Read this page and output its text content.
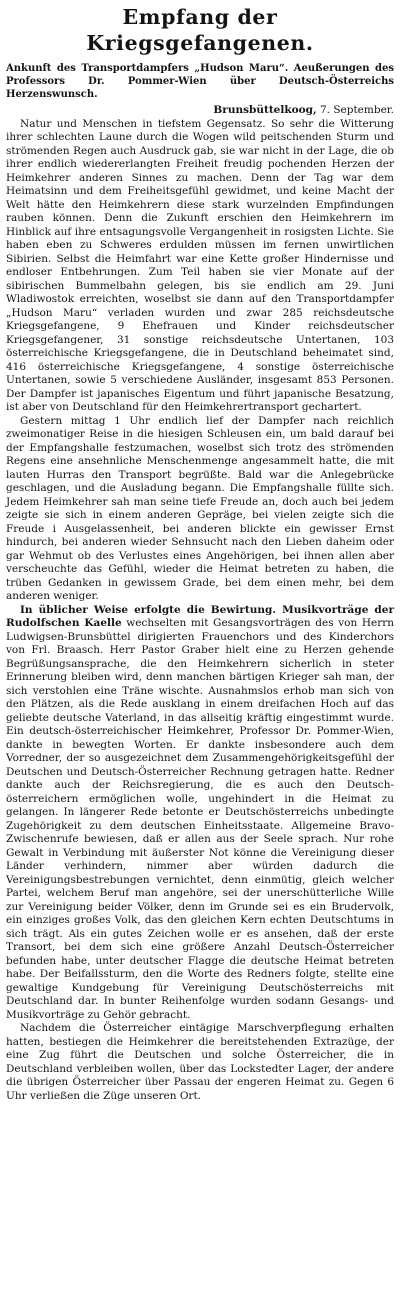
Empfang der Kriegsgefangenen.

Ankunft des Transportdampfers „Hudson Maru“. Aeußerungen des Professors Dr. Pommer-Wien über Deutsch-Österreichs Herzenswunsch.

Brunsbüttelkoog, 7. September.

Natur und Menschen in tiefstem Gegensatz. So sehr die Witterung ihrer schlechten Laune durch die Wogen wild peitschenden Sturm und strömenden Regen auch Ausdruck gab, sie war nicht in der Lage, die ob ihrer endlich wiedererlangten Freiheit freudig pochenden Herzen der Heimkehrer anderen Sinnes zu machen. Denn der Tag war dem Heimatsinn und dem Freiheitsgefühl gewidmet, und keine Macht der Welt hätte den Heimkehrern diese stark wurzelnden Empfindungen rauben können. Denn die Zukunft erschien den Heimkehrern im Hinblick auf ihre entsagungsvolle Vergangenheit in rosigsten Lichte. Sie haben eben zu Schweres erdulden müssen im fernen unwirtlichen Sibirien. Selbst die Heimfahrt war eine Kette großer Hindernisse und endloser Entbehrungen. Zum Teil haben sie vier Monate auf der sibirischen Bummelbahn gelegen, bis sie endlich am 29. Juni Wladiwostok erreichten, woselbst sie dann auf den Transportdampfer „Hudson Maru“ verladen wurden und zwar 285 reichsdeutsche Kriegsgefangene, 9 Ehefrauen und Kinder reichsdeutscher Kriegsgefangener, 31 sonstige reichsdeutsche Untertanen, 103 österreichische Kriegsgefangene, die in Deutschland beheimatet sind, 416 österreichische Kriegsgefangene, 4 sonstige österreichische Untertanen, sowie 5 verschiedene Ausländer, insgesamt 853 Personen. Der Dampfer ist japanisches Eigentum und führt japanische Besatzung, ist aber von Deutschland für den Heimkehrertransport gechartert.

Gestern mittag 1 Uhr endlich lief der Dampfer nach reichlich zweimonatiger Reise in die hiesigen Schleusen ein, um bald darauf bei der Empfangshalle festzumachen, woselbst sich trotz des strömenden Regens eine ansehnliche Menschenmenge angesammelt hatte, die mit lauten Hurras den Transport begrüßte. Bald war die Anlegebrücke geschlagen, und die Ausladung begann. Die Empfangshalle füllte sich. Jedem Heimkehrer sah man seine tiefe Freude an, doch auch bei jedem zeigte sie sich in einem anderen Gepräge, bei vielen zeigte sich die Freude i Ausgelassenheit, bei anderen blickte ein gewisser Ernst hindurch, bei anderen wieder Sehnsucht nach den Lieben daheim oder gar Wehmut ob des Verlustes eines Angehörigen, bei ihnen allen aber verscheuchte das Gefühl, wieder die Heimat betreten zu haben, die trüben Gedanken in gewissem Grade, bei dem einen mehr, bei dem anderen weniger.

In üblicher Weise erfolgte die Bewirtung. Musikvorträge der Rudolfschen Kaelle wechselten mit Gesangsvorträgen des von Herrn Ludwigsen-Brunsbüttel dirigierten Frauenchors und des Kinderchors von Frl. Braasch. Herr Pastor Graber hielt eine zu Herzen gehende Begrüßungsansprache, die den Heimkehrern sicherlich in steter Erinnerung bleiben wird, denn manchen bärtigen Krieger sah man, der sich verstohlen eine Träne wischte. Ausnahmslos erhob man sich von den Plätzen, als die Rede ausklang in einem dreifachen Hoch auf das geliebte deutsche Vaterland, in das allseitig kräftig eingestimmt wurde. Ein deutsch-österreichischer Heimkehrer, Professor Dr. Pommer-Wien, dankte in bewegten Worten. Er dankte insbesondere auch dem Vorredner, der so ausgezeichnet dem Zusammengehörigkeitsgefühl der Deutschen und Deutsch-Österreicher Rechnung getragen hatte. Redner dankte auch der Reichsregierung, die es auch den Deutsch-österreichern ermöglichen wolle, ungehindert in die Heimat zu gelangen. In längerer Rede betonte er Deutschösterreichs unbedingte Zugehörigkeit zu dem deutschen Einheitsstaate. Allgemeine Bravo-Zwischenrufe bewiesen, daß er allen aus der Seele sprach. Nur rohe Gewalt in Verbindung mit äußerster Not könne die Vereinigung dieser Länder verhindern, nimmer aber würden dadurch die Vereinigungsbestrebungen vernichtet, denn einmütig, gleich welcher Partei, welchem Beruf man angehöre, sei der unerschütterliche Wille zur Vereinigung beider Völker, denn im Grunde sei es ein Brudervolk, ein einziges großes Volk, das den gleichen Kern echten Deutschtums in sich trägt. Als ein gutes Zeichen wolle er es ansehen, daß der erste Transort, bei dem sich eine größere Anzahl Deutsch-Österreicher befunden habe, unter deutscher Flagge die deutsche Heimat betreten habe. Der Beifallssturm, den die Worte des Redners folgte, stellte eine gewaltige Kundgebung für Vereinigung Deutschösterreichs mit Deutschland dar. In bunter Reihenfolge wurden sodann Gesangs- und Musikvorträge zu Gehör gebracht.

Nachdem die Österreicher eintägige Marschverpflegung erhalten hatten, bestiegen die Heimkehrer die bereitstehenden Extrazüge, der eine Zug führt die Deutschen und solche Österreicher, die in Deutschland verbleiben wollen, über das Lockstedter Lager, der andere die übrigen Österreicher über Passau der engeren Heimat zu. Gegen 6 Uhr verließen die Züge unseren Ort.
